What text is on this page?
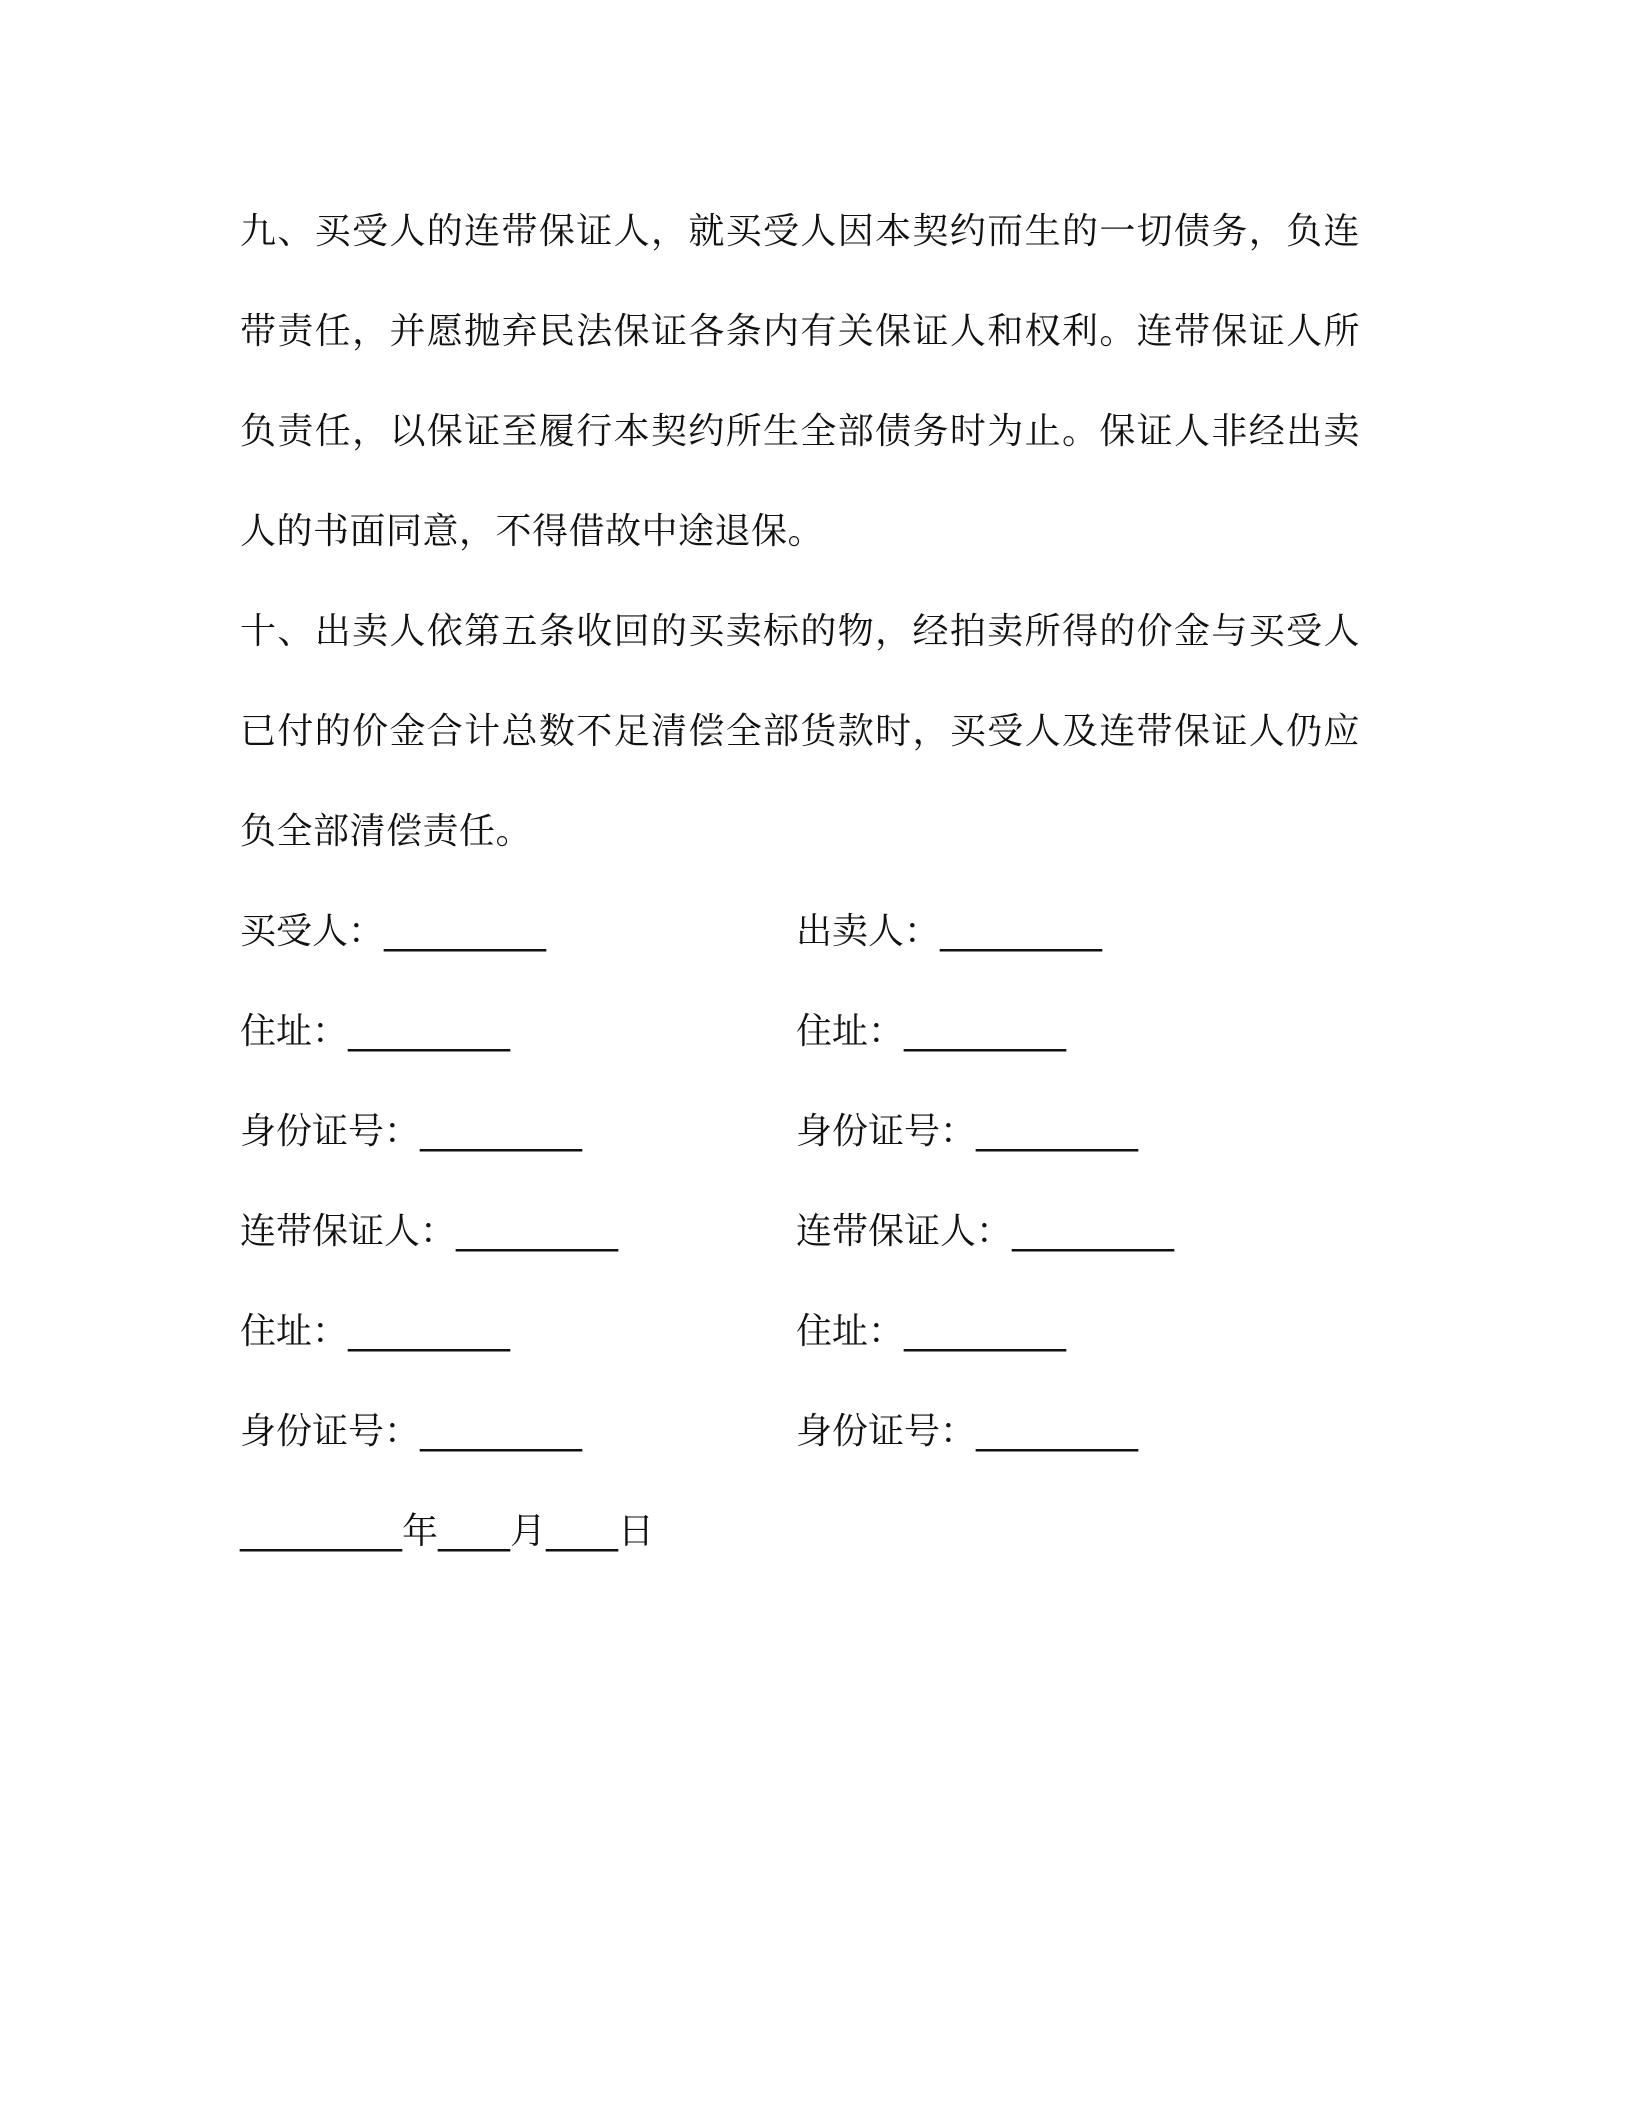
九、买受人的连带保证人，就买受人因本契约而生的一切债务，负连带责任，并愿抛弃民法保证各条内有关保证人和权利。连带保证人所负责任，以保证至履行本契约所生全部债务时为止。保证人非经出卖人的书面同意，不得借故中途退保。

十、出卖人依第五条收回的买卖标的物，经拍卖所得的价金与买受人已付的价金合计总数不足清偿全部货款时，买受人及连带保证人仍应负全部清偿责任。

买受人：_________	出卖人：_________
住址：_________	住址：_________
身份证号：_________	身份证号：_________
连带保证人：_________	连带保证人：_________
住址：_________	住址：_________
身份证号：_________	身份证号：_________
_________年____月____日
